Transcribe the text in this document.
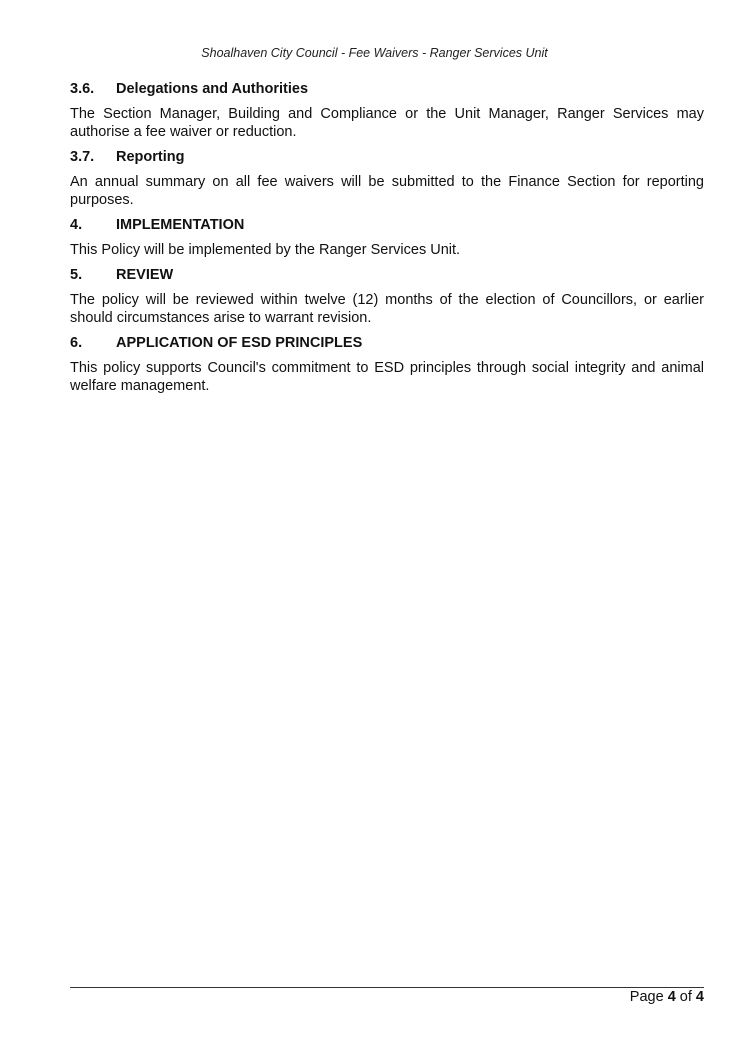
Shoalhaven City Council - Fee Waivers - Ranger Services Unit
3.6.	Delegations and Authorities

The Section Manager, Building and Compliance or the Unit Manager, Ranger Services may authorise a fee waiver or reduction.

3.7.	Reporting

An annual summary on all fee waivers will be submitted to the Finance Section for reporting purposes.

4.	IMPLEMENTATION

This Policy will be implemented by the Ranger Services Unit.

5.	REVIEW

The policy will be reviewed within twelve (12) months of the election of Councillors, or earlier should circumstances arise to warrant revision.

6.	APPLICATION OF ESD PRINCIPLES

This policy supports Council's commitment to ESD principles through social integrity and animal welfare management.

Page 4 of 4
